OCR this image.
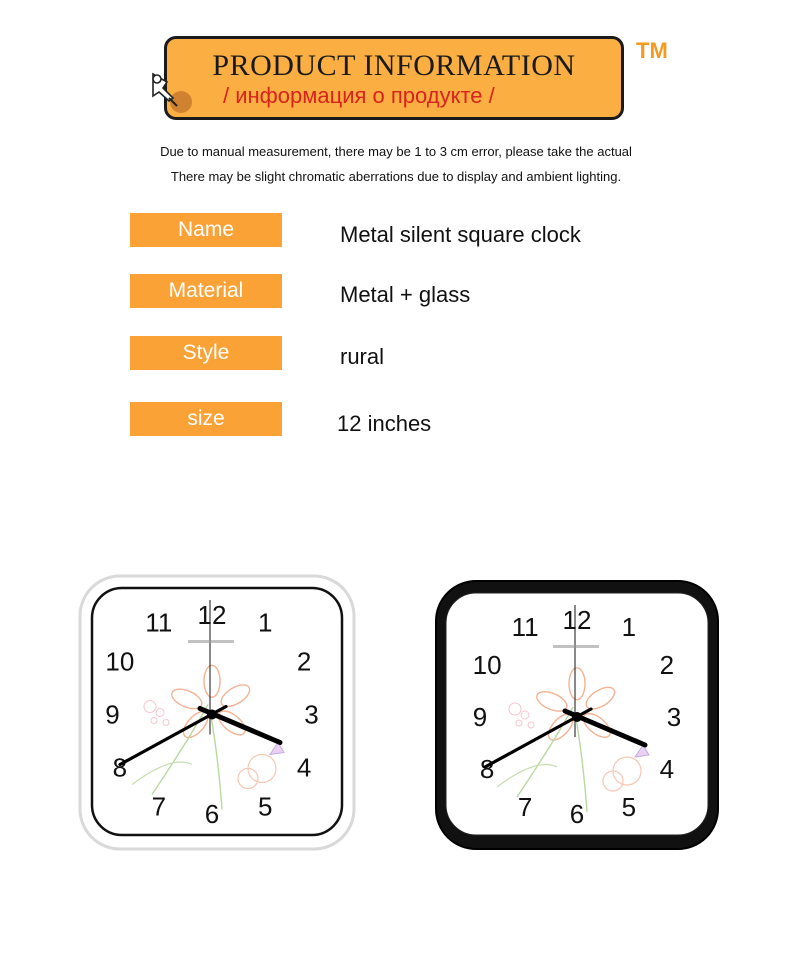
PRODUCT INFORMATION
/ информация о продукте /
TM
Due to manual measurement, there may be 1 to 3 cm error, please take the actual
There may be slight chromatic aberrations due to display and ambient lighting.
Name	Metal silent square clock
Material	Metal + glass
Style	rural
size	12 inches
12 1
2
3
4
5
6
7
8
9
10
11	12 1
2
3
4
5
6
7
8
9
10
11
